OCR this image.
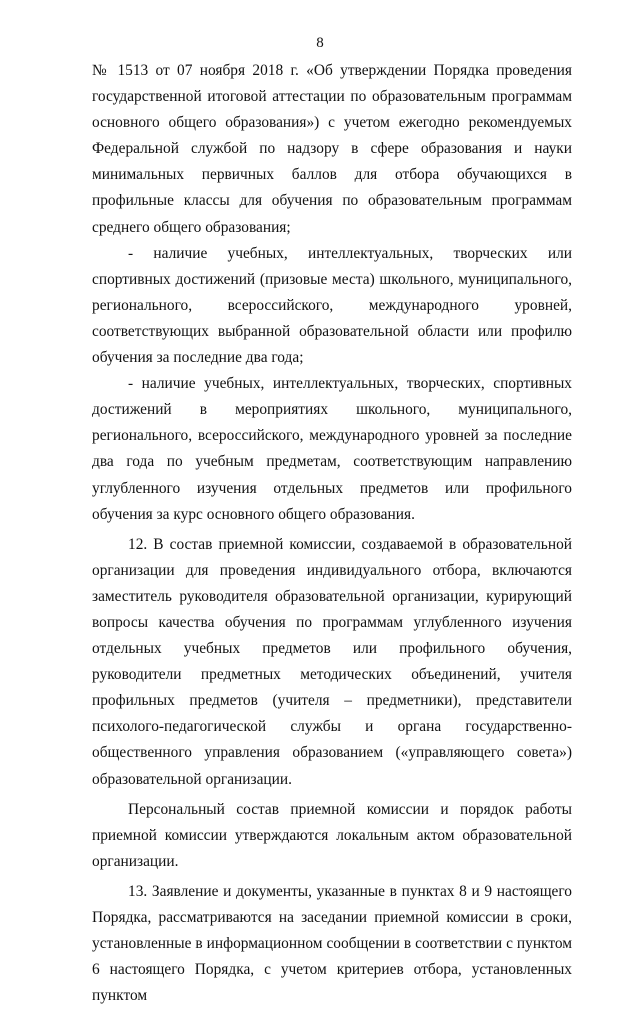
8

№ 1513 от 07 ноября 2018 г. «Об утверждении Порядка проведения государственной итоговой аттестации по образовательным программам основного общего образования») с учетом ежегодно рекомендуемых Федеральной службой по надзору в сфере образования и науки минимальных первичных баллов для отбора обучающихся в профильные классы для обучения по образовательным программам среднего общего образования;

- наличие учебных, интеллектуальных, творческих или спортивных достижений (призовые места) школьного, муниципального, регионального, всероссийского, международного уровней, соответствующих выбранной образовательной области или профилю обучения за последние два года;

- наличие учебных, интеллектуальных, творческих, спортивных достижений в мероприятиях школьного, муниципального, регионального, всероссийского, международного уровней за последние два года по учебным предметам, соответствующим направлению углубленного изучения отдельных предметов или профильного обучения за курс основного общего образования.

12. В состав приемной комиссии, создаваемой в образовательной организации для проведения индивидуального отбора, включаются заместитель руководителя образовательной организации, курирующий вопросы качества обучения по программам углубленного изучения отдельных учебных предметов или профильного обучения, руководители предметных методических объединений, учителя профильных предметов (учителя – предметники), представители психолого-педагогической службы и органа государственно-общественного управления образованием («управляющего совета») образовательной организации.

Персональный состав приемной комиссии и порядок работы приемной комиссии утверждаются локальным актом образовательной организации.

13. Заявление и документы, указанные в пунктах 8 и 9 настоящего Порядка, рассматриваются на заседании приемной комиссии в сроки, установленные в информационном сообщении в соответствии с пунктом 6 настоящего Порядка, с учетом критериев отбора, установленных пунктом
